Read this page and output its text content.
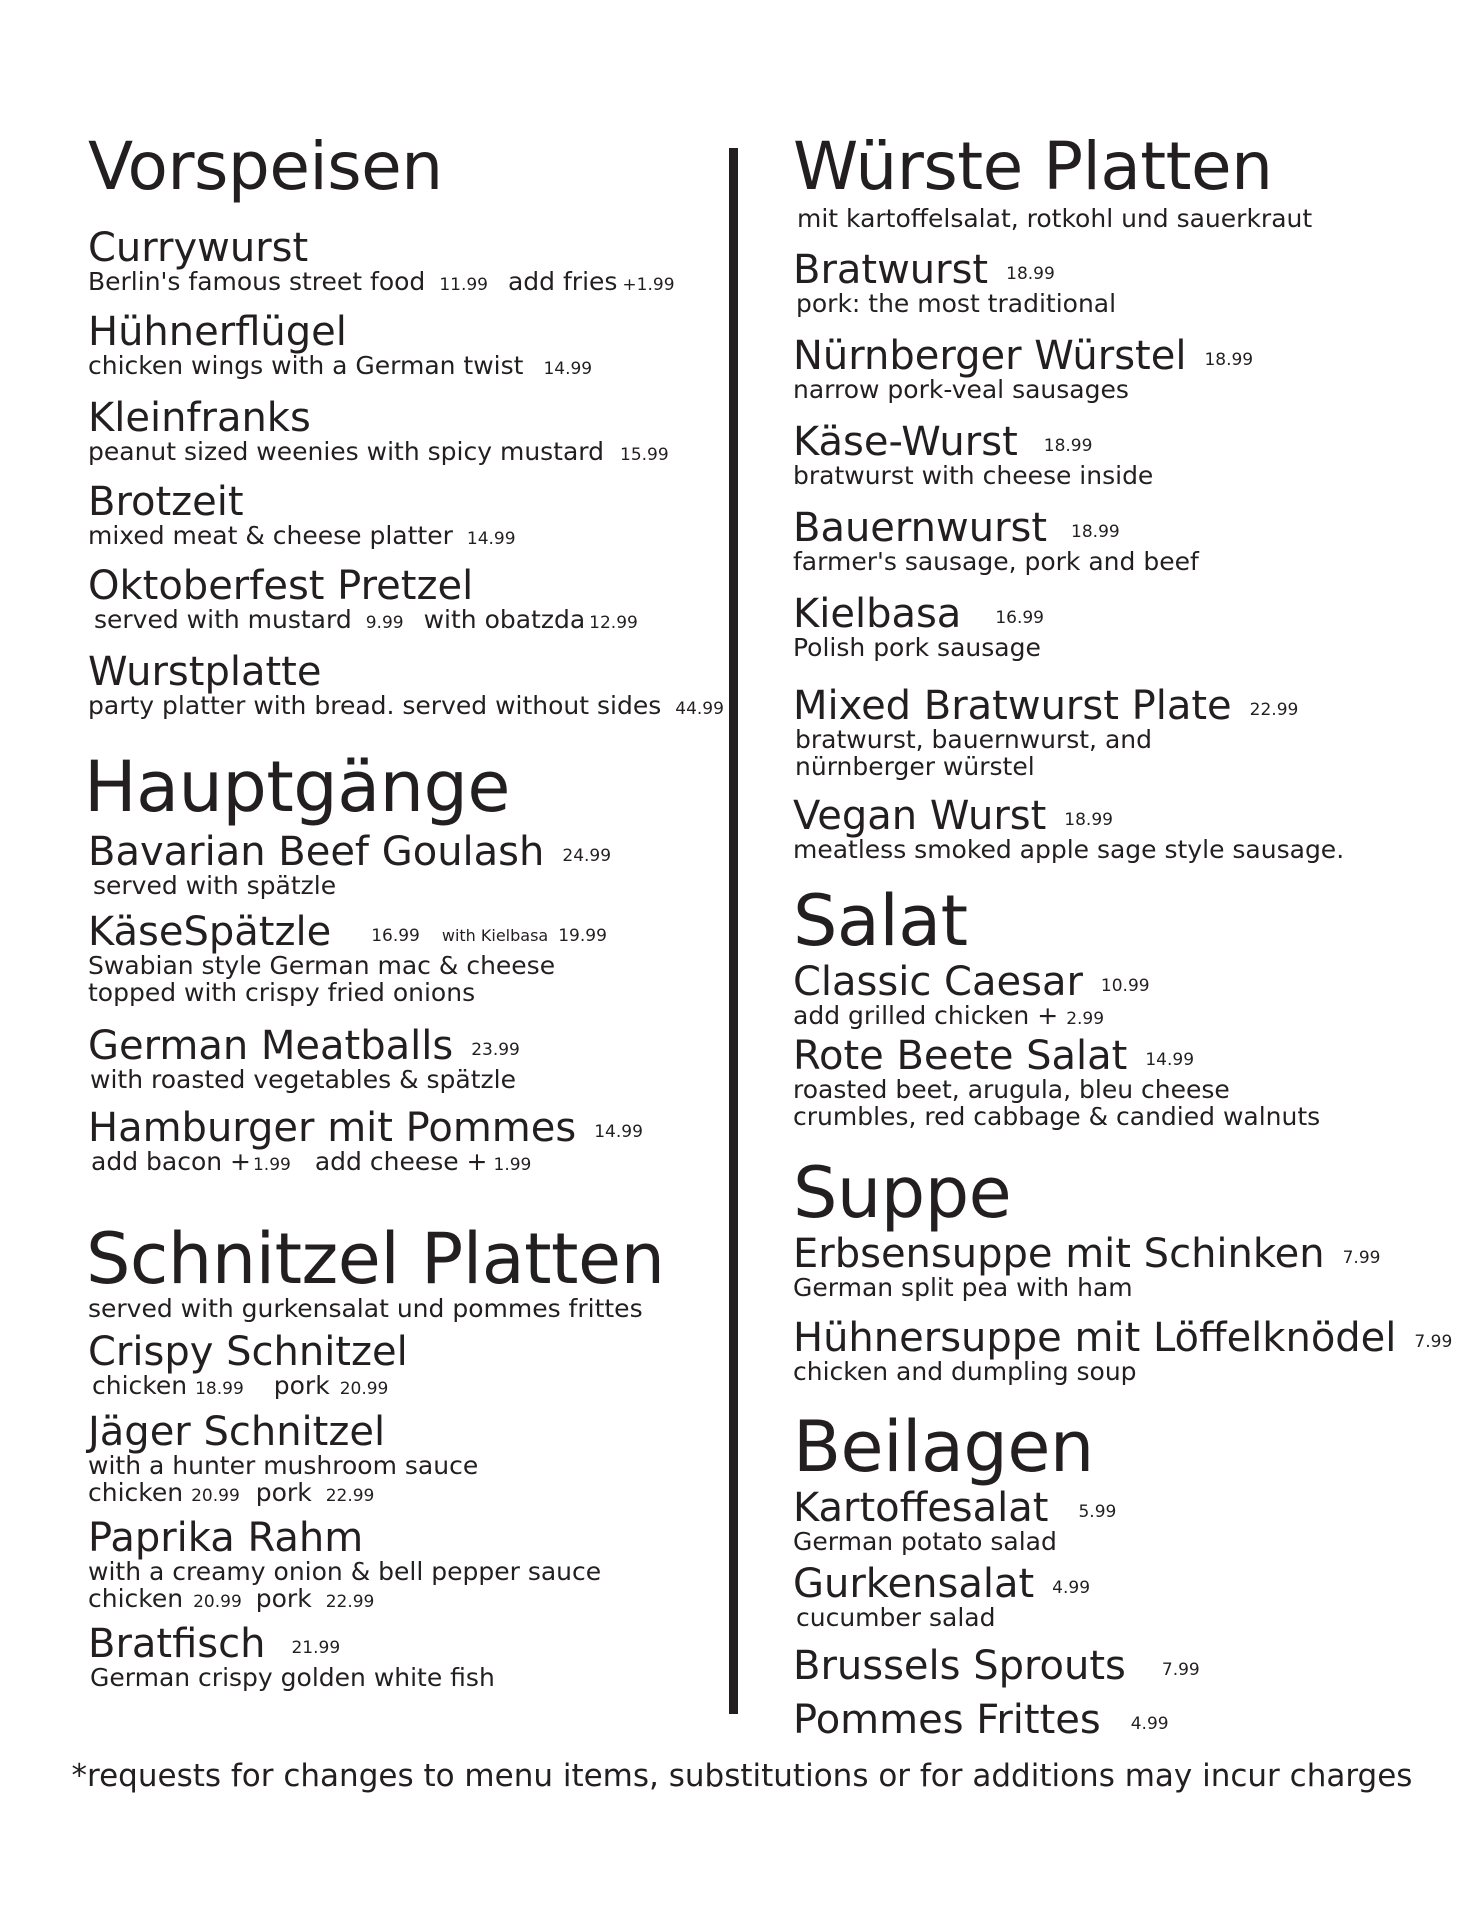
Vorspeisen
Currywurst
Berlin's famous street food 11.99 add fries +1.99
Hühnerflügel
chicken wings with a German twist 14.99
Kleinfranks
peanut sized weenies with spicy mustard 15.99
Brotzeit
mixed meat & cheese platter 14.99
Oktoberfest Pretzel
served with mustard 9.99 with obatzda 12.99
Wurstplatte
party platter with bread. served without sides 44.99
Hauptgänge
Bavarian Beef Goulash 24.99
served with spätzle
KäseSpätzle 16.99 with Kielbasa 19.99
Swabian style German mac & cheese
topped with crispy fried onions
German Meatballs 23.99
with roasted vegetables & spätzle
Hamburger mit Pommes 14.99
add bacon + 1.99 add cheese + 1.99
Schnitzel Platten
served with gurkensalat und pommes frittes
Crispy Schnitzel
chicken 18.99 pork 20.99
Jäger Schnitzel
with a hunter mushroom sauce
chicken 20.99 pork 22.99
Paprika Rahm
with a creamy onion & bell pepper sauce
chicken 20.99 pork 22.99
Bratfisch 21.99
German crispy golden white fish
Würste Platten
mit kartoffelsalat, rotkohl und sauerkraut
Bratwurst 18.99
pork: the most traditional
Nürnberger Würstel 18.99
narrow pork-veal sausages
Käse-Wurst 18.99
bratwurst with cheese inside
Bauernwurst 18.99
farmer's sausage, pork and beef
Kielbasa 16.99
Polish pork sausage
Mixed Bratwurst Plate 22.99
bratwurst, bauernwurst, and
nürnberger würstel
Vegan Wurst 18.99
meatless smoked apple sage style sausage.
Salat
Classic Caesar 10.99
add grilled chicken + 2.99
Rote Beete Salat 14.99
roasted beet, arugula, bleu cheese
crumbles, red cabbage & candied walnuts
Suppe
Erbsensuppe mit Schinken 7.99
German split pea with ham
Hühnersuppe mit Löffelknödel 7.99
chicken and dumpling soup
Beilagen
Kartoffesalat 5.99
German potato salad
Gurkensalat 4.99
cucumber salad
Brussels Sprouts 7.99
Pommes Frittes 4.99
*requests for changes to menu items, substitutions or for additions may incur charges
